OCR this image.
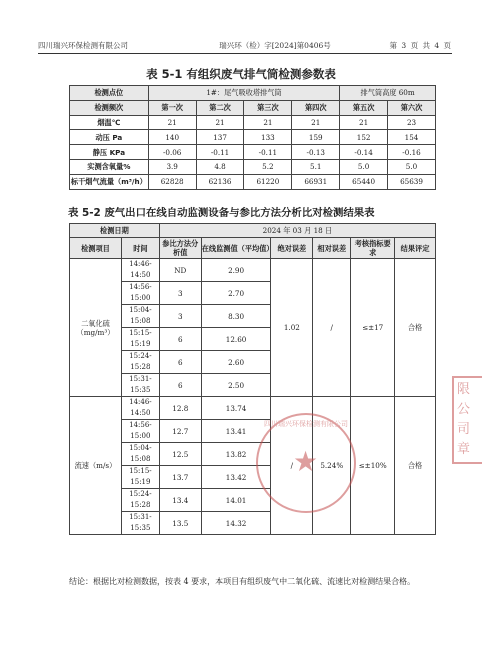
四川瑞兴环保检测有限公司	瑞兴环（检）字[2024]第0406号	第 3 页 共 4 页
表 5-1 有组织废气排气筒检测参数表
检测点位	1#：尾气吸收塔排气筒				排气筒高度 60m	
检测频次	第一次	第二次	第三次	第四次	第五次	第六次
烟温℃	21	21	21	21	21	23
动压 Pa	140	137	133	159	152	154
静压 KPa	-0.06	-0.11	-0.11	-0.13	-0.14	-0.16
实测含氧量%	3.9	4.8	5.2	5.1	5.0	5.0
标干烟气流量（m³/h）	62828	62136	61220	66931	65440	65639
表 5-2 废气出口在线自动监测设备与参比方法分析比对检测结果表
检测日期		2024 年 03 月 18 日					
检测项目	时间	参比方法分析值	在线监测值（平均值）	绝对误差	相对误差	考核指标要求	结果评定
二氧化硫（mg/m³）	14:46-14:50	ND	2.90	1.02	/	≤±17	合格
	14:56-15:00	3	2.70				
	15:04-15:08	3	8.30				
	15:15-15:19	6	12.60				
	15:24-15:28	6	2.60				
	15:31-15:35	6	2.50				
流速（m/s）	14:46-14:50	12.8	13.74	/	5.24%	≤±10%	合格
	14:56-15:00	12.7	13.41				
	15:04-15:08	12.5	13.82				
	15:15-15:19	13.7	13.42				
	15:24-15:28	13.4	14.01				
	15:31-15:35	13.5	14.32				
结论：根据比对检测数据，按表 4 要求，本项目有组织废气中二氧化硫、流速比对检测结果合格。
四川瑞兴环保检测有限公司
★
限公司
章
